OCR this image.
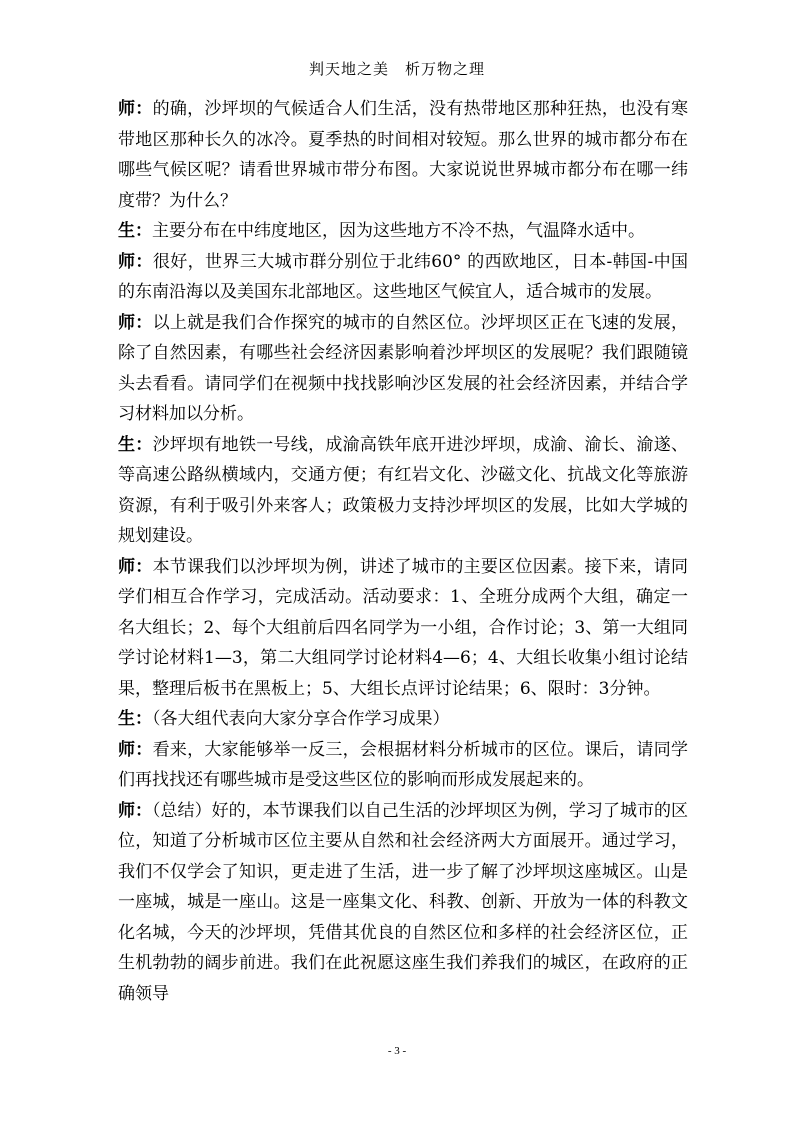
判天地之美　析万物之理

师：的确，沙坪坝的气候适合人们生活，没有热带地区那种狂热，也没有寒带地区那种长久的冰冷。夏季热的时间相对较短。那么世界的城市都分布在哪些气候区呢？请看世界城市带分布图。大家说说世界城市都分布在哪一纬度带？为什么？

生：主要分布在中纬度地区，因为这些地方不冷不热，气温降水适中。

师：很好，世界三大城市群分别位于北纬60° 的西欧地区，日本-韩国-中国的东南沿海以及美国东北部地区。这些地区气候宜人，适合城市的发展。

师：以上就是我们合作探究的城市的自然区位。沙坪坝区正在飞速的发展，除了自然因素，有哪些社会经济因素影响着沙坪坝区的发展呢？我们跟随镜头去看看。请同学们在视频中找找影响沙区发展的社会经济因素，并结合学习材料加以分析。

生：沙坪坝有地铁一号线，成渝高铁年底开进沙坪坝，成渝、渝长、渝遂、等高速公路纵横域内，交通方便；有红岩文化、沙磁文化、抗战文化等旅游资源，有利于吸引外来客人；政策极力支持沙坪坝区的发展，比如大学城的规划建设。

师：本节课我们以沙坪坝为例，讲述了城市的主要区位因素。接下来，请同学们相互合作学习，完成活动。活动要求：1、全班分成两个大组，确定一名大组长；2、每个大组前后四名同学为一小组，合作讨论；3、第一大组同学讨论材料1—3，第二大组同学讨论材料4—6；4、大组长收集小组讨论结果，整理后板书在黑板上；5、大组长点评讨论结果；6、限时：3分钟。

生：（各大组代表向大家分享合作学习成果）

师：看来，大家能够举一反三，会根据材料分析城市的区位。课后，请同学们再找找还有哪些城市是受这些区位的影响而形成发展起来的。

师：（总结）好的，本节课我们以自己生活的沙坪坝区为例，学习了城市的区位，知道了分析城市区位主要从自然和社会经济两大方面展开。通过学习，我们不仅学会了知识，更走进了生活，进一步了解了沙坪坝这座城区。山是一座城，城是一座山。这是一座集文化、科教、创新、开放为一体的科教文化名城，今天的沙坪坝，凭借其优良的自然区位和多样的社会经济区位，正生机勃勃的阔步前进。我们在此祝愿这座生我们养我们的城区，在政府的正确领导

- 3 -
